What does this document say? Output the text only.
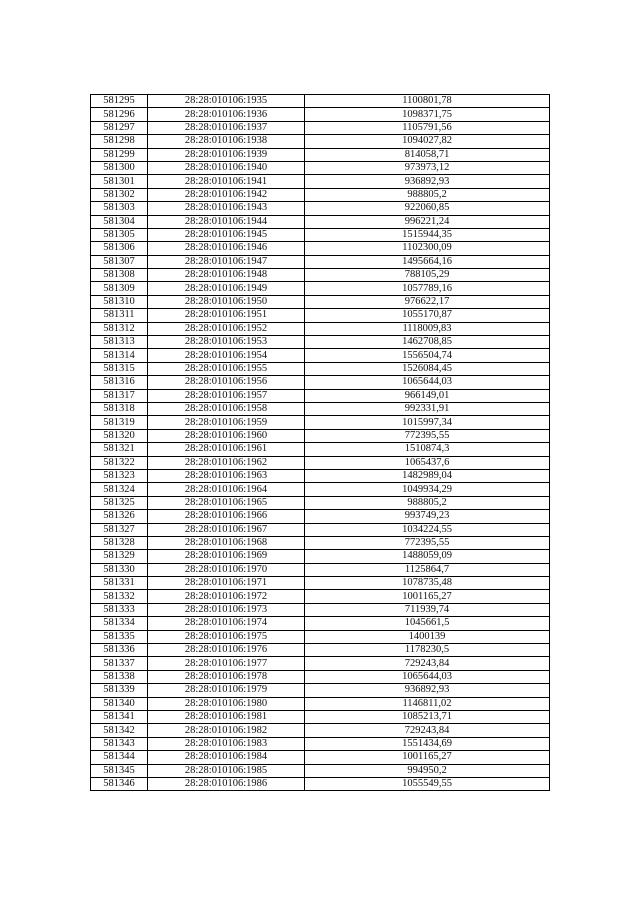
581295	28:28:010106:1935	1100801,78
581296	28:28:010106:1936	1098371,75
581297	28:28:010106:1937	1105791,56
581298	28:28:010106:1938	1094027,82
581299	28:28:010106:1939	814058,71
581300	28:28:010106:1940	973973,12
581301	28:28:010106:1941	936892,93
581302	28:28:010106:1942	988805,2
581303	28:28:010106:1943	922060,85
581304	28:28:010106:1944	996221,24
581305	28:28:010106:1945	1515944,35
581306	28:28:010106:1946	1102300,09
581307	28:28:010106:1947	1495664,16
581308	28:28:010106:1948	788105,29
581309	28:28:010106:1949	1057789,16
581310	28:28:010106:1950	976622,17
581311	28:28:010106:1951	1055170,87
581312	28:28:010106:1952	1118009,83
581313	28:28:010106:1953	1462708,85
581314	28:28:010106:1954	1556504,74
581315	28:28:010106:1955	1526084,45
581316	28:28:010106:1956	1065644,03
581317	28:28:010106:1957	966149,01
581318	28:28:010106:1958	992331,91
581319	28:28:010106:1959	1015997,34
581320	28:28:010106:1960	772395,55
581321	28:28:010106:1961	1510874,3
581322	28:28:010106:1962	1065437,6
581323	28:28:010106:1963	1482989,04
581324	28:28:010106:1964	1049934,29
581325	28:28:010106:1965	988805,2
581326	28:28:010106:1966	993749,23
581327	28:28:010106:1967	1034224,55
581328	28:28:010106:1968	772395,55
581329	28:28:010106:1969	1488059,09
581330	28:28:010106:1970	1125864,7
581331	28:28:010106:1971	1078735,48
581332	28:28:010106:1972	1001165,27
581333	28:28:010106:1973	711939,74
581334	28:28:010106:1974	1045661,5
581335	28:28:010106:1975	1400139
581336	28:28:010106:1976	1178230,5
581337	28:28:010106:1977	729243,84
581338	28:28:010106:1978	1065644,03
581339	28:28:010106:1979	936892,93
581340	28:28:010106:1980	1146811,02
581341	28:28:010106:1981	1085213,71
581342	28:28:010106:1982	729243,84
581343	28:28:010106:1983	1551434,69
581344	28:28:010106:1984	1001165,27
581345	28:28:010106:1985	994950,2
581346	28:28:010106:1986	1055549,55
